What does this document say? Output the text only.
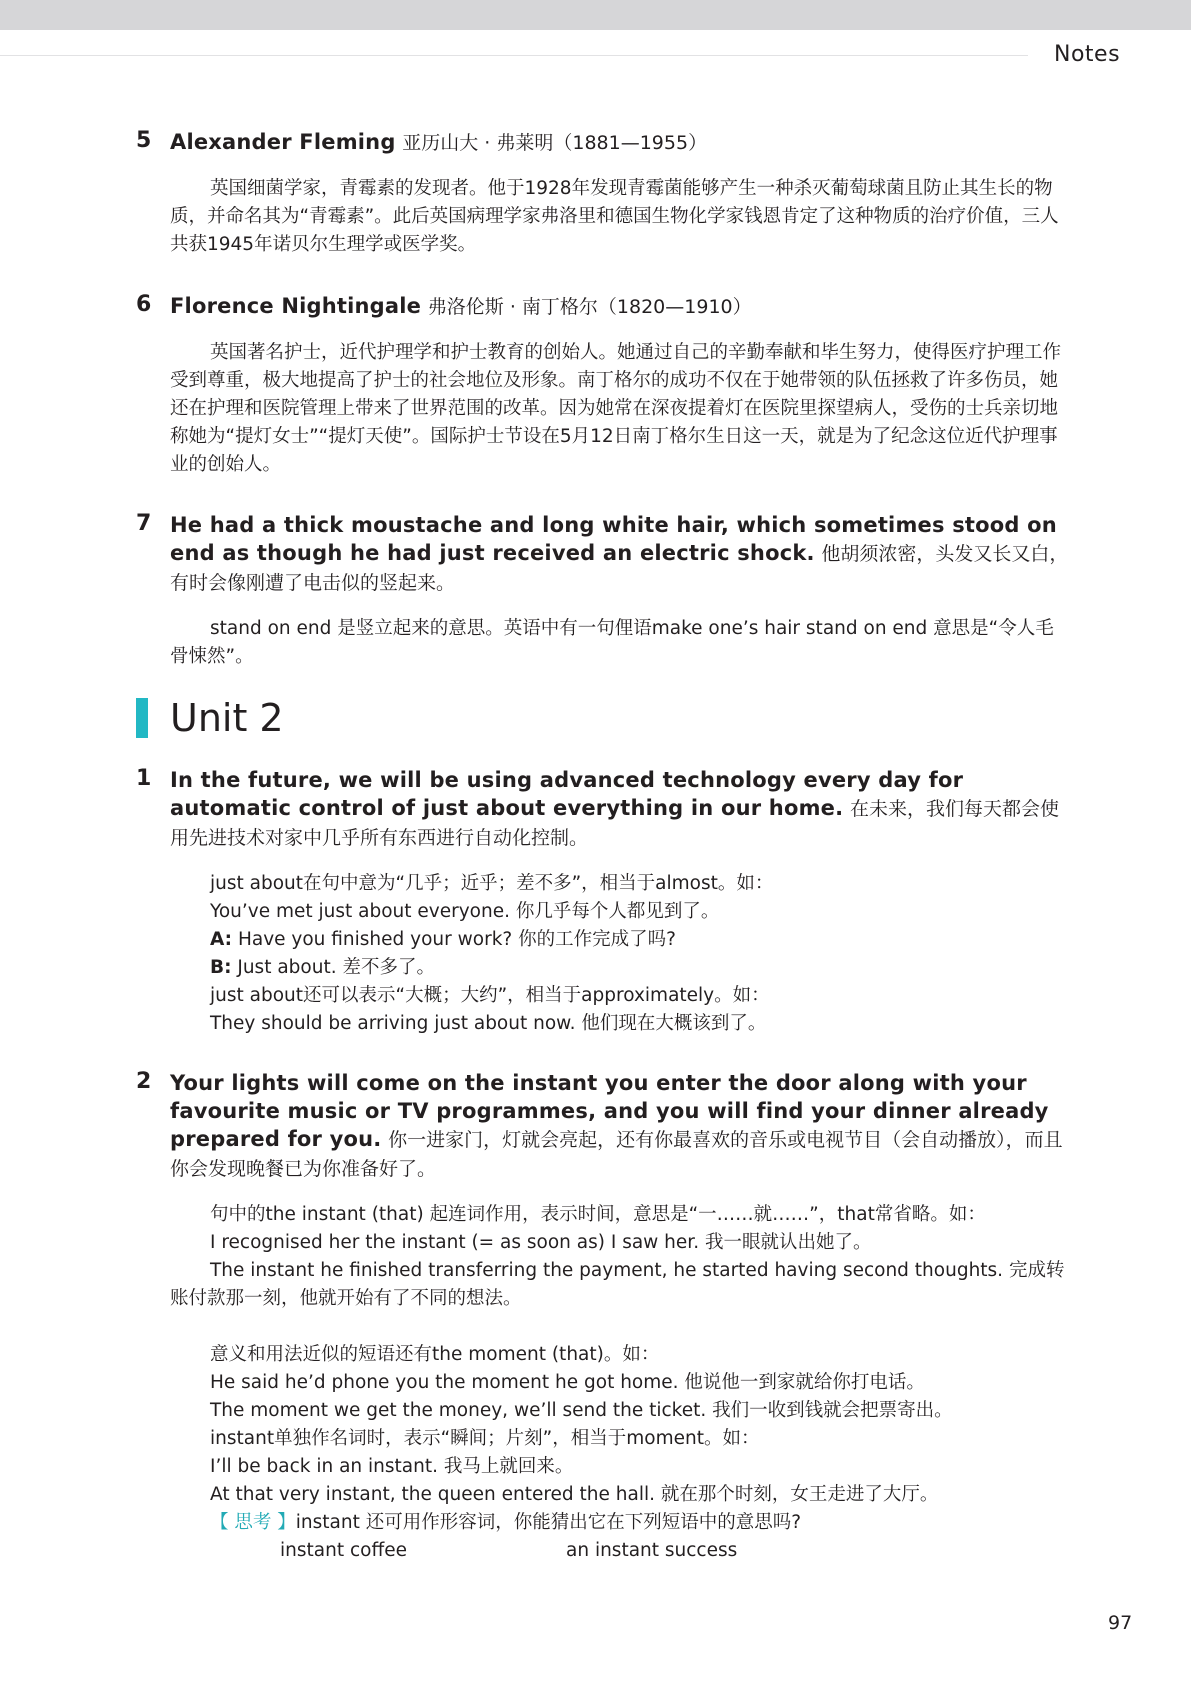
Notes
5 Alexander Fleming 亚历山大 · 弗莱明（1881—1955）
英国细菌学家，青霉素的发现者。他于1928年发现青霉菌能够产生一种杀灭葡萄球菌且防止其生长的物质，并命名其为“青霉素”。此后英国病理学家弗洛里和德国生物化学家钱恩肯定了这种物质的治疗价值，三人共获1945年诺贝尔生理学或医学奖。
6 Florence Nightingale 弗洛伦斯 · 南丁格尔（1820—1910）
英国著名护士，近代护理学和护士教育的创始人。她通过自己的辛勤奉献和毕生努力，使得医疗护理工作受到尊重，极大地提高了护士的社会地位及形象。南丁格尔的成功不仅在于她带领的队伍拯救了许多伤员，她还在护理和医院管理上带来了世界范围的改革。因为她常在深夜提着灯在医院里探望病人，受伤的士兵亲切地称她为“提灯女士”“提灯天使”。国际护士节设在5月12日南丁格尔生日这一天，就是为了纪念这位近代护理事业的创始人。
7 He had a thick moustache and long white hair, which sometimes stood on end as though he had just received an electric shock. 他胡须浓密，头发又长又白，有时会像刚遭了电击似的竖起来。
stand on end 是竖立起来的意思。英语中有一句俚语make one’s hair stand on end 意思是“令人毛骨悚然”。
Unit 2
1 In the future, we will be using advanced technology every day for automatic control of just about everything in our home. 在未来，我们每天都会使用先进技术对家中几乎所有东西进行自动化控制。
just about在句中意为“几乎；近乎；差不多”，相当于almost。如：
You’ve met just about everyone. 你几乎每个人都见到了。
A: Have you finished your work? 你的工作完成了吗?
B: Just about. 差不多了。
just about还可以表示“大概；大约”，相当于approximately。如：
They should be arriving just about now. 他们现在大概该到了。
2 Your lights will come on the instant you enter the door along with your favourite music or TV programmes, and you will find your dinner already prepared for you. 你一进家门，灯就会亮起，还有你最喜欢的音乐或电视节目（会自动播放），而且你会发现晚餐已为你准备好了。
句中的the instant (that) 起连词作用，表示时间，意思是“一……就……”，that常省略。如：
I recognised her the instant (= as soon as) I saw her. 我一眼就认出她了。
The instant he finished transferring the payment, he started having second thoughts. 完成转账付款那一刻，他就开始有了不同的想法。
意义和用法近似的短语还有the moment (that)。如：
He said he’d phone you the moment he got home. 他说他一到家就给你打电话。
The moment we get the money, we’ll send the ticket. 我们一收到钱就会把票寄出。
instant单独作名词时，表示“瞬间；片刻”，相当于moment。如：
I’ll be back in an instant. 我马上就回来。
At that very instant, the queen entered the hall. 就在那个时刻，女王走进了大厅。
【 思考 】instant 还可用作形容词，你能猜出它在下列短语中的意思吗?
instant coffee	an instant success
97
